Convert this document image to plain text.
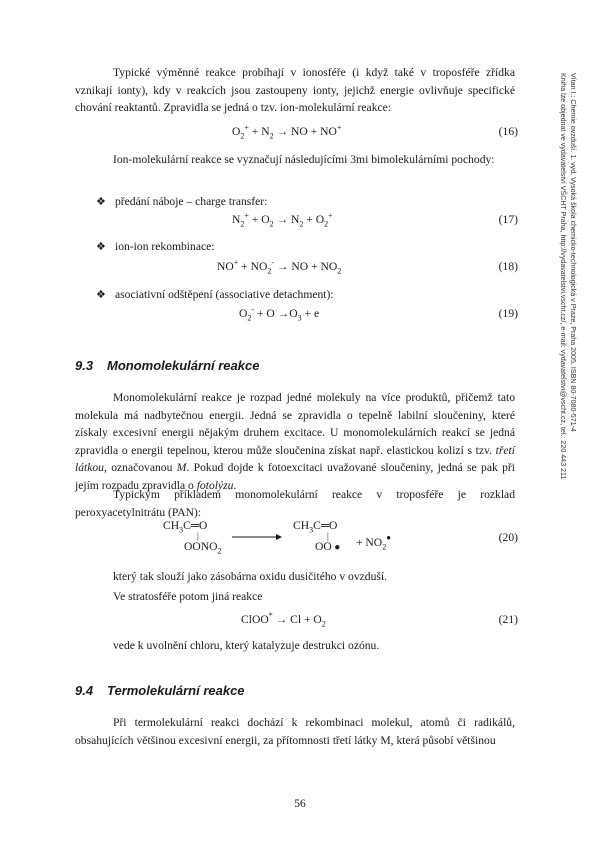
Typické výměnné reakce probíhají v ionosféře (i když také v troposféře zřídka vznikají ionty), kdy v reakcích jsou zastoupeny ionty, jejichž energie ovlivňuje specifické chování reaktantů. Zpravidla se jedná o tzv. ion-molekulární reakce:
$O_2^+ + N_2$ → NO + NO+	(16)
Ion-molekulární reakce se vyznačují následujícími 3mi bimolekulárními pochody:
❖ předání náboje – charge transfer:
$N_2^+ + O_2 \to N_2 + O_2^+$	(17)
❖ ion-ion rekombinace:
$NO^+ + NO_2^-$ → NO + $NO_2$	(18)
❖ asociativní odštěpení (associative detachment):
$O_2^- + O \to O_3 + e$	(19)
9.3 Monomolekulární reakce
Monomolekulární reakce je rozpad jedné molekuly na více produktů, přičemž tato molekula má nadbytečnou energii. Jedná se zpravidla o tepelně labilní sloučeniny, které získaly excesivní energii nějakým druhem excitace. U monomolekulárních reakcí se jedná zpravidla o energii tepelnou, kterou může sloučenina získat např. elastickou kolizí s tzv. třetí látkou, označovanou M. Pokud dojde k fotoexcitaci uvažované sloučeniny, jedná se pak při jejím rozpadu zpravidla o fotolýzu.
Typickým příkladem monomolekulární reakce v troposféře je rozklad peroxyacetylnitrátu (PAN):
$CH_3C═O$
|
$OONO_2$
$CH_3C═O$
|
OO ● + $NO_2^●$	(20)
který tak slouží jako zásobárna oxidu dusičitého v ovzduší.
Ve stratosféře potom jiná reakce
ClOO* → $Cl + O_2$	(21)
vede k uvolnění chloru, který katalyzuje destrukci ozónu.
9.4 Termolekulární reakce
Při termolekulární reakci dochází k rekombinaci molekul, atomů či radikálů, obsahujících většinou excesivní energii, za přítomnosti třetí látky M, která působí většinou
Vítan I.: Chemie ovzduší. 1. vyd. Vysoká škola chemicko-technologická v Praze, Praha 2005. ISBN 80-7080-571-4
Kniha lze objednat ve vydavatelství VŠCHT Praha, http://vydavatelstvi.vscht.cz/, e-mail: vydavatelstvi@vscht.cz, tel.: 220 443 211
56
